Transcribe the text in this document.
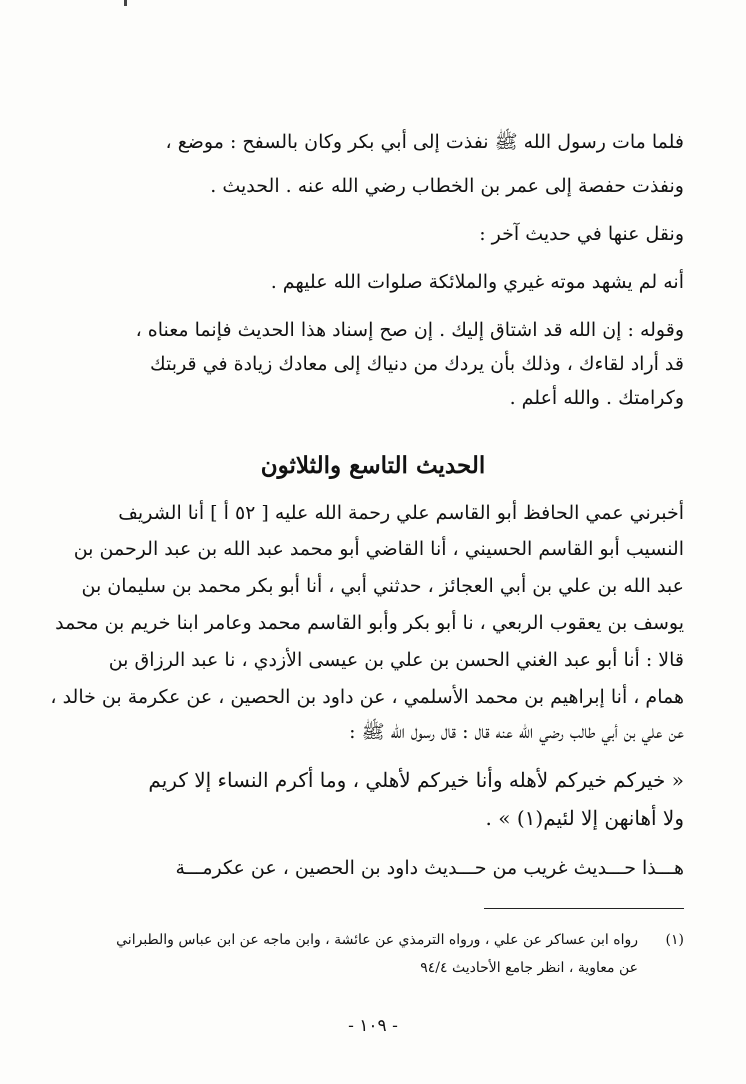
فلما مات رسول الله ﷺ نفذت إلى أبي بكر وكان بالسفح : موضع ،
ونفذت حفصة إلى عمر بن الخطاب رضي الله عنه . الحديث .
ونقل عنها في حديث آخر :
أنه لم يشهد موته غيري والملائكة صلوات الله عليهم .
وقوله : إن الله قد اشتاق إليك . إن صح إسناد هذا الحديث فإنما معناه ،
قد أراد لقاءك ، وذلك بأن يردك من دنياك إلى معادك زيادة في قربتك
وكرامتك . والله أعلم .
الحديث التاسع والثلاثون
أخبرني عمي الحافظ أبو القاسم علي رحمة الله عليه [ ٥٢ أ ] أنا الشريف
النسيب أبو القاسم الحسيني ، أنا القاضي أبو محمد عبد الله بن عبد الرحمن بن
عبد الله بن علي بن أبي العجائز ، حدثني أبي ، أنا أبو بكر محمد بن سليمان بن
يوسف بن يعقوب الربعي ، نا أبو بكر وأبو القاسم محمد وعامر ابنا خريم بن محمد
قالا : أنا أبو عبد الغني الحسن بن علي بن عيسى الأزدي ، نا عبد الرزاق بن
همام ، أنا إبراهيم بن محمد الأسلمي ، عن داود بن الحصين ، عن عكرمة بن خالد ،
عن علي بن أبي طالب رضي الله عنه قال : قال رسول الله ﷺ :
« خيركم خيركم لأهله وأنا خيركم لأهلي ، وما أكرم النساء إلا كريم
ولا أهانهن إلا لئيم(١) » .
هـــذا حـــديث غريب من حـــديث داود بن الحصين ، عن عكرمـــة
(١)
رواه ابن عساكر عن علي ، ورواه الترمذي عن عائشة ، وابن ماجه عن ابن عباس والطبراني
عن معاوية ، انظر جامع الأحاديث ٩٤/٤
- ١٠٩ -
